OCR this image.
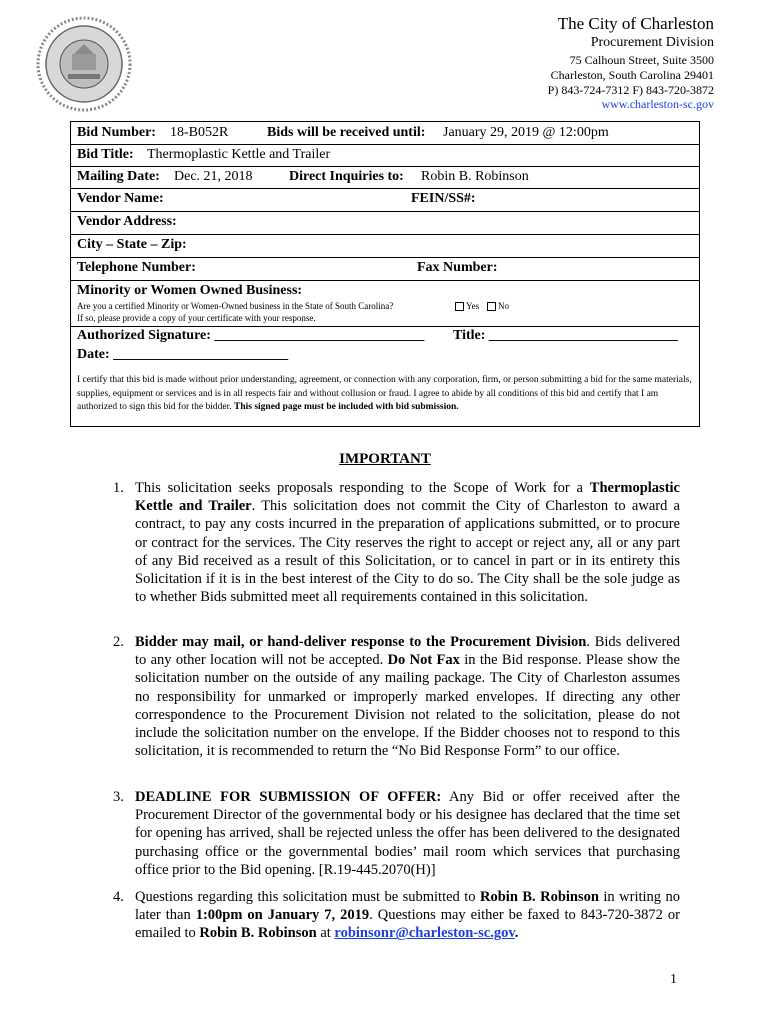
The City of Charleston
Procurement Division
75 Calhoun Street, Suite 3500
Charleston, South Carolina 29401
P) 843-724-7312 F) 843-720-3872
www.charleston-sc.gov
Bid Number: 18-B052R	Bids will be received until: January 29, 2019 @ 12:00pm
Bid Title: Thermoplastic Kettle and Trailer
Mailing Date: Dec. 21, 2018	Direct Inquiries to: Robin B. Robinson
Vendor Name:	FEIN/SS#:
Vendor Address:
City – State – Zip:
Telephone Number:	Fax Number:
Minority or Women Owned Business:
Are you a certified Minority or Women-Owned business in the State of South Carolina?
If so, please provide a copy of your certificate with your response.
Yes	No
Authorized Signature: ______________________________ Title: ___________________________
Date: _________________________
I certify that this bid is made without prior understanding, agreement, or connection with any corporation, firm, or person submitting a bid for the same materials, supplies, equipment or services and is in all respects fair and without collusion or fraud. I agree to abide by all conditions of this bid and certify that I am authorized to sign this bid for the bidder. This signed page must be included with bid submission.
IMPORTANT
1. This solicitation seeks proposals responding to the Scope of Work for a Thermoplastic Kettle and Trailer. This solicitation does not commit the City of Charleston to award a contract, to pay any costs incurred in the preparation of applications submitted, or to procure or contract for the services. The City reserves the right to accept or reject any, all or any part of any Bid received as a result of this Solicitation, or to cancel in part or in its entirety this Solicitation if it is in the best interest of the City to do so. The City shall be the sole judge as to whether Bids submitted meet all requirements contained in this solicitation.
2. Bidder may mail, or hand-deliver response to the Procurement Division. Bids delivered to any other location will not be accepted. Do Not Fax in the Bid response. Please show the solicitation number on the outside of any mailing package. The City of Charleston assumes no responsibility for unmarked or improperly marked envelopes. If directing any other correspondence to the Procurement Division not related to the solicitation, please do not include the solicitation number on the envelope. If the Bidder chooses not to respond to this solicitation, it is recommended to return the “No Bid Response Form” to our office.
3. DEADLINE FOR SUBMISSION OF OFFER: Any Bid or offer received after the Procurement Director of the governmental body or his designee has declared that the time set for opening has arrived, shall be rejected unless the offer has been delivered to the designated purchasing office or the governmental bodies’ mail room which services that purchasing office prior to the Bid opening. [R.19-445.2070(H)]
4. Questions regarding this solicitation must be submitted to Robin B. Robinson in writing no later than 1:00pm on January 7, 2019. Questions may either be faxed to 843-720-3872 or emailed to Robin B. Robinson at robinsonr@charleston-sc.gov.
1
